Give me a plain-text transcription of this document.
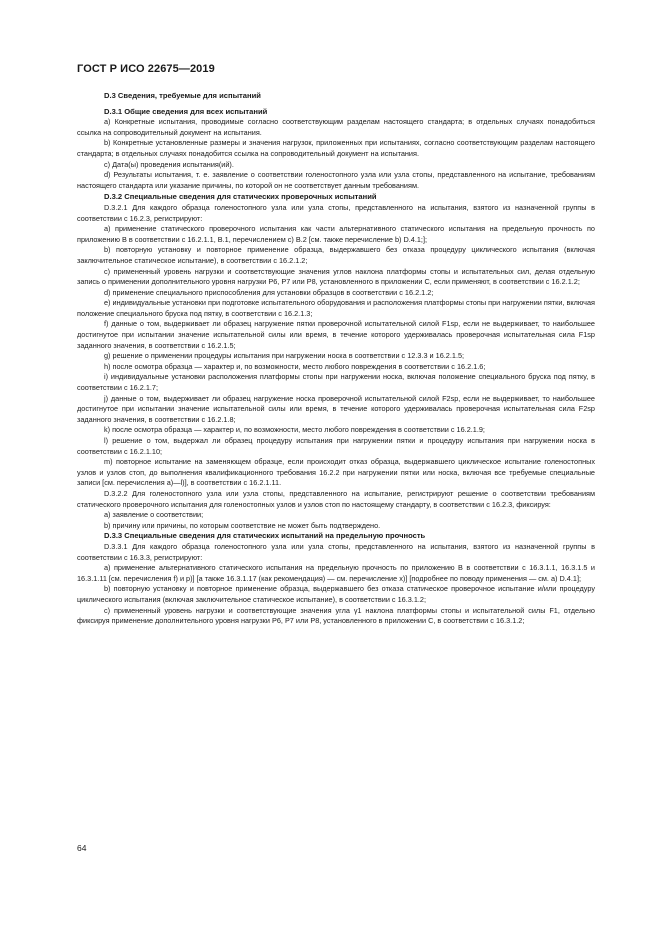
ГОСТ Р ИСО 22675—2019

D.3 Сведения, требуемые для испытаний

D.3.1 Общие сведения для всех испытаний

а) Конкретные испытания, проводимые согласно соответствующим разделам настоящего стандарта; в отдельных случаях понадобиться ссылка на сопроводительный документ на испытания.

b) Конкретные установленные размеры и значения нагрузок, приложенных при испытаниях, согласно соответствующим разделам настоящего стандарта; в отдельных случаях понадобится ссылка на сопроводительный документ на испытания.

c) Дата(ы) проведения испытания(ий).

d) Результаты испытания, т. е. заявление о соответствии голеностопного узла или узла стопы, представленного на испытание, требованиям настоящего стандарта или указание причины, по которой он не соответствует данным требованиям.

D.3.2 Специальные сведения для статических проверочных испытаний

D.3.2.1 Для каждого образца голеностопного узла или узла стопы, представленного на испытания, взятого из назначенной группы в соответствии с 16.2.3, регистрируют:

а) применение статического проверочного испытания как части альтернативного статического испытания на предельную прочность по приложению В в соответствии с 16.2.1.1, В.1, перечислением с) В.2 [см. также перечисление b) D.4.1;];

b) повторную установку и повторное применение образца, выдержавшего без отказа процедуру циклического испытания (включая заключительное статическое испытание), в соответствии с 16.2.1.2;

c) примененный уровень нагрузки и соответствующие значения углов наклона платформы стопы и испытательных сил, делая отдельную запись о применении дополнительного уровня нагрузки Р6, Р7 или Р8, установленного в приложении С, если применяют, в соответствии с 16.2.1.2;

d) применение специального приспособления для установки образцов в соответствии с 16.2.1.2;

е) индивидуальные установки при подготовке испытательного оборудования и расположения платформы стопы при нагружении пятки, включая положение специального бруска под пятку, в соответствии с 16.2.1.3;

f) данные о том, выдерживает ли образец нагружение пятки проверочной испытательной силой F1sp, если не выдерживает, то наибольшее достигнутое при испытании значение испытательной силы или время, в течение которого удерживалась проверочная испытательная сила F1sp заданного значения, в соответствии с 16.2.1.5;

g) решение о применении процедуры испытания при нагружении носка в соответствии с 12.3.3 и 16.2.1.5;

h) после осмотра образца — характер и, по возможности, место любого повреждения в соответствии с 16.2.1.6;

i) индивидуальные установки расположения платформы стопы при нагружении носка, включая положение специального бруска под пятку, в соответствии с 16.2.1.7;

j) данные о том, выдерживает ли образец нагружение носка проверочной испытательной силой F2sp, если не выдерживает, то наибольшее достигнутое при испытании значение испытательной силы или время, в течение которого удерживалась проверочная испытательная сила F2sp заданного значения, в соответствии с 16.2.1.8;

k) после осмотра образца — характер и, по возможности, место любого повреждения в соответствии с 16.2.1.9;

l) решение о том, выдержал ли образец процедуру испытания при нагружении пятки и процедуру испытания при нагружении носка в соответствии с 16.2.1.10;

m) повторное испытание на заменяющем образце, если происходит отказ образца, выдержавшего циклическое испытание голеностопных узлов и узлов стоп, до выполнения квалификационного требования 16.2.2 при нагружении пятки или носка, включая все требуемые специальные записи [см. перечисления а)—l)], в соответствии с 16.2.1.11.

D.3.2.2 Для голеностопного узла или узла стопы, представленного на испытание, регистрируют решение о соответствии требованиям статического проверочного испытания для голеностопных узлов и узлов стоп по настоящему стандарту, в соответствии с 16.2.3, фиксируя:

а) заявление о соответствии;

b) причину или причины, по которым соответствие не может быть подтверждено.

D.3.3 Специальные сведения для статических испытаний на предельную прочность

D.3.3.1 Для каждого образца голеностопного узла или узла стопы, представленного на испытания, взятого из назначенной группы в соответствии с 16.3.3, регистрируют:

а) применение альтернативного статического испытания на предельную прочность по приложению В в соответствии с 16.3.1.1, 16.3.1.5 и 16.3.1.11 [см. перечисления f) и p)] [а также 16.3.1.17 (как рекомендация) — см. перечисление x)] [подробнее по поводу применения — см. а) D.4.1];

b) повторную установку и повторное применение образца, выдержавшего без отказа статическое проверочное испытание и/или процедуру циклического испытания (включая заключительное статическое испытание), в соответствии с 16.3.1.2;

c) примененный уровень нагрузки и соответствующие значения угла γ1 наклона платформы стопы и испытательной силы F1, отдельно фиксируя применение дополнительного уровня нагрузки Р6, Р7 или Р8, установленного в приложении С, в соответствии с 16.3.1.2;

64
